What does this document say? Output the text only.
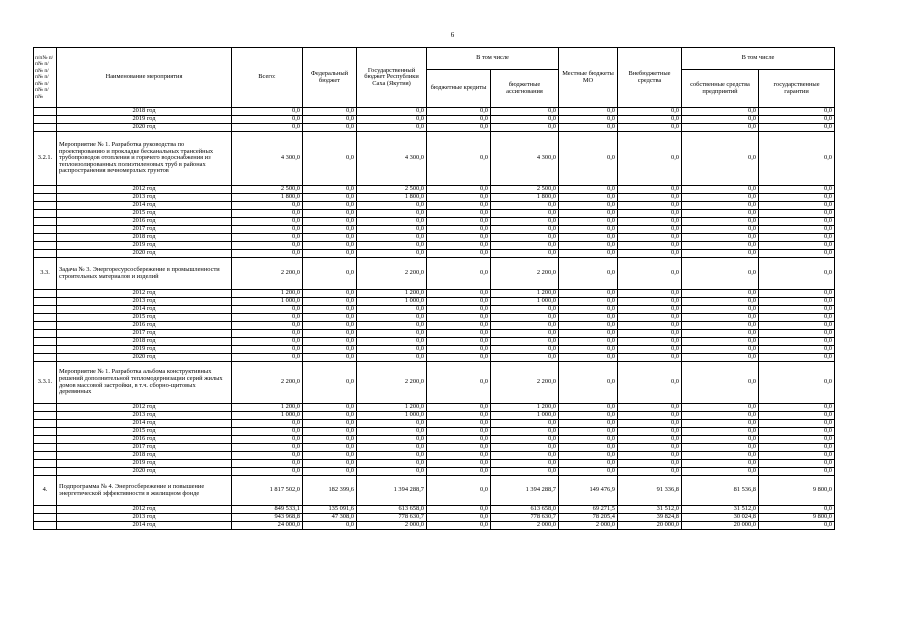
6
п/п№ п/п№ п/п№ п/п№ п/п№ п/п№ п/п№	Наименование мероприятия	Всего:	Федеральный бюджет	Государственный бюджет Республики Саха (Якутия)	В том числе		Местные бюджеты МО	Внебюджетные средства	В том числе	
					бюджетные кредиты	бюджетные ассигнования			собственные средства предприятий	государственные гарантии
	2018 год	0,0	0,0	0,0	0,0	0,0	0,0	0,0	0,0	0,0
	2019 год	0,0	0,0	0,0	0,0	0,0	0,0	0,0	0,0	0,0
	2020 год	0,0	0,0	0,0	0,0	0,0	0,0	0,0	0,0	0,0
3.2.1.	Мероприятие № 1. Разработка руководства по проектированию и прокладке бесканальных трансейных трубопроводов отопления и горячего водоснабжения из теплоизолированных полиэтиленовых труб в районах распространения вечномерзлых грунтов	4 300,0	0,0	4 300,0	0,0	4 300,0	0,0	0,0	0,0	0,0
	2012 год	2 500,0	0,0	2 500,0	0,0	2 500,0	0,0	0,0	0,0	0,0
	2013 год	1 800,0	0,0	1 800,0	0,0	1 800,0	0,0	0,0	0,0	0,0
	2014 год	0,0	0,0	0,0	0,0	0,0	0,0	0,0	0,0	0,0
	2015 год	0,0	0,0	0,0	0,0	0,0	0,0	0,0	0,0	0,0
	2016 год	0,0	0,0	0,0	0,0	0,0	0,0	0,0	0,0	0,0
	2017 год	0,0	0,0	0,0	0,0	0,0	0,0	0,0	0,0	0,0
	2018 год	0,0	0,0	0,0	0,0	0,0	0,0	0,0	0,0	0,0
	2019 год	0,0	0,0	0,0	0,0	0,0	0,0	0,0	0,0	0,0
	2020 год	0,0	0,0	0,0	0,0	0,0	0,0	0,0	0,0	0,0
3.3.	Задача № 3. Энергоресурсосбережение в промышленности строительных материалов и изделий	2 200,0	0,0	2 200,0	0,0	2 200,0	0,0	0,0	0,0	0,0
	2012 год	1 200,0	0,0	1 200,0	0,0	1 200,0	0,0	0,0	0,0	0,0
	2013 год	1 000,0	0,0	1 000,0	0,0	1 000,0	0,0	0,0	0,0	0,0
	2014 год	0,0	0,0	0,0	0,0	0,0	0,0	0,0	0,0	0,0
	2015 год	0,0	0,0	0,0	0,0	0,0	0,0	0,0	0,0	0,0
	2016 год	0,0	0,0	0,0	0,0	0,0	0,0	0,0	0,0	0,0
	2017 год	0,0	0,0	0,0	0,0	0,0	0,0	0,0	0,0	0,0
	2018 год	0,0	0,0	0,0	0,0	0,0	0,0	0,0	0,0	0,0
	2019 год	0,0	0,0	0,0	0,0	0,0	0,0	0,0	0,0	0,0
	2020 год	0,0	0,0	0,0	0,0	0,0	0,0	0,0	0,0	0,0
3.3.1.	Мероприятие № 1. Разработка альбома конструктивных решений дополнительной тепломодернизации серий жилых домов массовой застройки, в т.ч. сборно-щитовых деревянных	2 200,0	0,0	2 200,0	0,0	2 200,0	0,0	0,0	0,0	0,0
	2012 год	1 200,0	0,0	1 200,0	0,0	1 200,0	0,0	0,0	0,0	0,0
	2013 год	1 000,0	0,0	1 000,0	0,0	1 000,0	0,0	0,0	0,0	0,0
	2014 год	0,0	0,0	0,0	0,0	0,0	0,0	0,0	0,0	0,0
	2015 год	0,0	0,0	0,0	0,0	0,0	0,0	0,0	0,0	0,0
	2016 год	0,0	0,0	0,0	0,0	0,0	0,0	0,0	0,0	0,0
	2017 год	0,0	0,0	0,0	0,0	0,0	0,0	0,0	0,0	0,0
	2018 год	0,0	0,0	0,0	0,0	0,0	0,0	0,0	0,0	0,0
	2019 год	0,0	0,0	0,0	0,0	0,0	0,0	0,0	0,0	0,0
	2020 год	0,0	0,0	0,0	0,0	0,0	0,0	0,0	0,0	0,0
4.	Подпрограмма № 4. Энергосбережение и повышение энергетической эффективности в жилищном фонде	1 817 502,0	182 399,6	1 394 288,7	0,0	1 394 288,7	149 476,9	91 336,8	81 536,8	9 800,0
	2012 год	849 533,1	135 091,6	613 658,0	0,0	613 658,0	69 271,5	31 512,0	31 512,0	0,0
	2013 год	943 968,8	47 308,0	778 630,7	0,0	778 630,7	78 205,4	39 824,8	30 024,8	9 800,0
	2014 год	24 000,0	0,0	2 000,0	0,0	2 000,0	2 000,0	20 000,0	20 000,0	0,0
